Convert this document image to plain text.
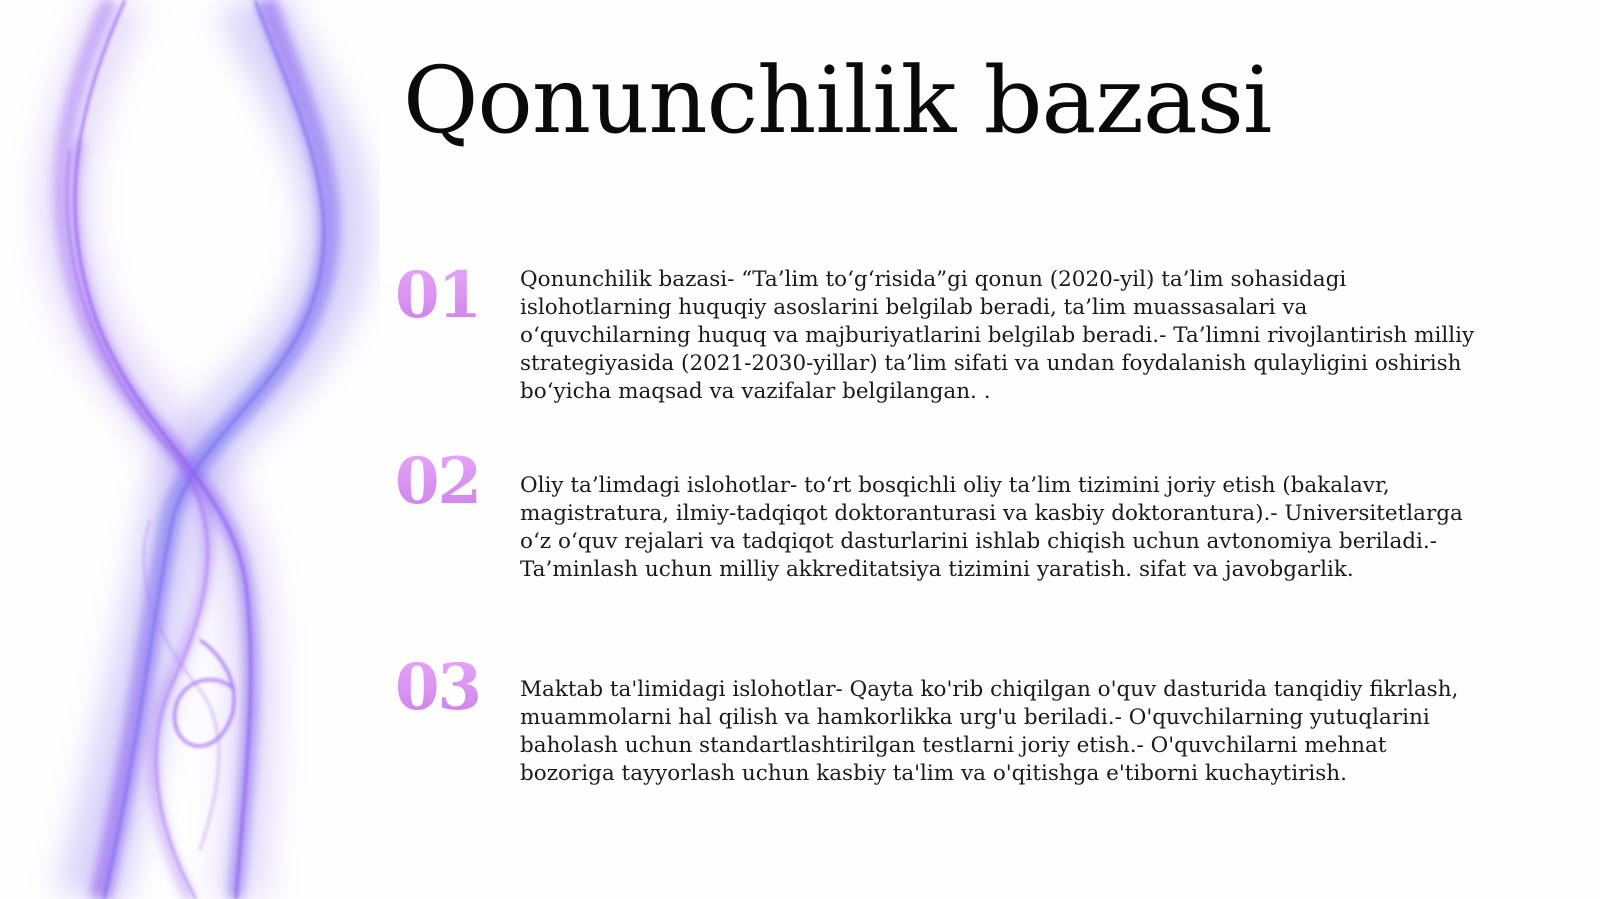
Qonunchilik bazasi
01	Qonunchilik bazasi- “Ta’lim to‘g‘risida”gi qonun (2020-yil) ta’lim sohasidagi islohotlarning huquqiy asoslarini belgilab beradi, ta’lim muassasalari va o‘quvchilarning huquq va majburiyatlarini belgilab beradi.- Ta’limni rivojlantirish milliy strategiyasida (2021-2030-yillar) ta’lim sifati va undan foydalanish qulayligini oshirish bo‘yicha maqsad va vazifalar belgilangan. .
02	Oliy ta’limdagi islohotlar- to‘rt bosqichli oliy ta’lim tizimini joriy etish (bakalavr, magistratura, ilmiy-tadqiqot doktoranturasi va kasbiy doktorantura).- Universitetlarga o‘z o‘quv rejalari va tadqiqot dasturlarini ishlab chiqish uchun avtonomiya beriladi.- Ta’minlash uchun milliy akkreditatsiya tizimini yaratish. sifat va javobgarlik.
03	Maktab ta'limidagi islohotlar- Qayta ko'rib chiqilgan o'quv dasturida tanqidiy fikrlash, muammolarni hal qilish va hamkorlikka urg'u beriladi.- O'quvchilarning yutuqlarini baholash uchun standartlashtirilgan testlarni joriy etish.- O'quvchilarni mehnat bozoriga tayyorlash uchun kasbiy ta'lim va o'qitishga e'tiborni kuchaytirish.
